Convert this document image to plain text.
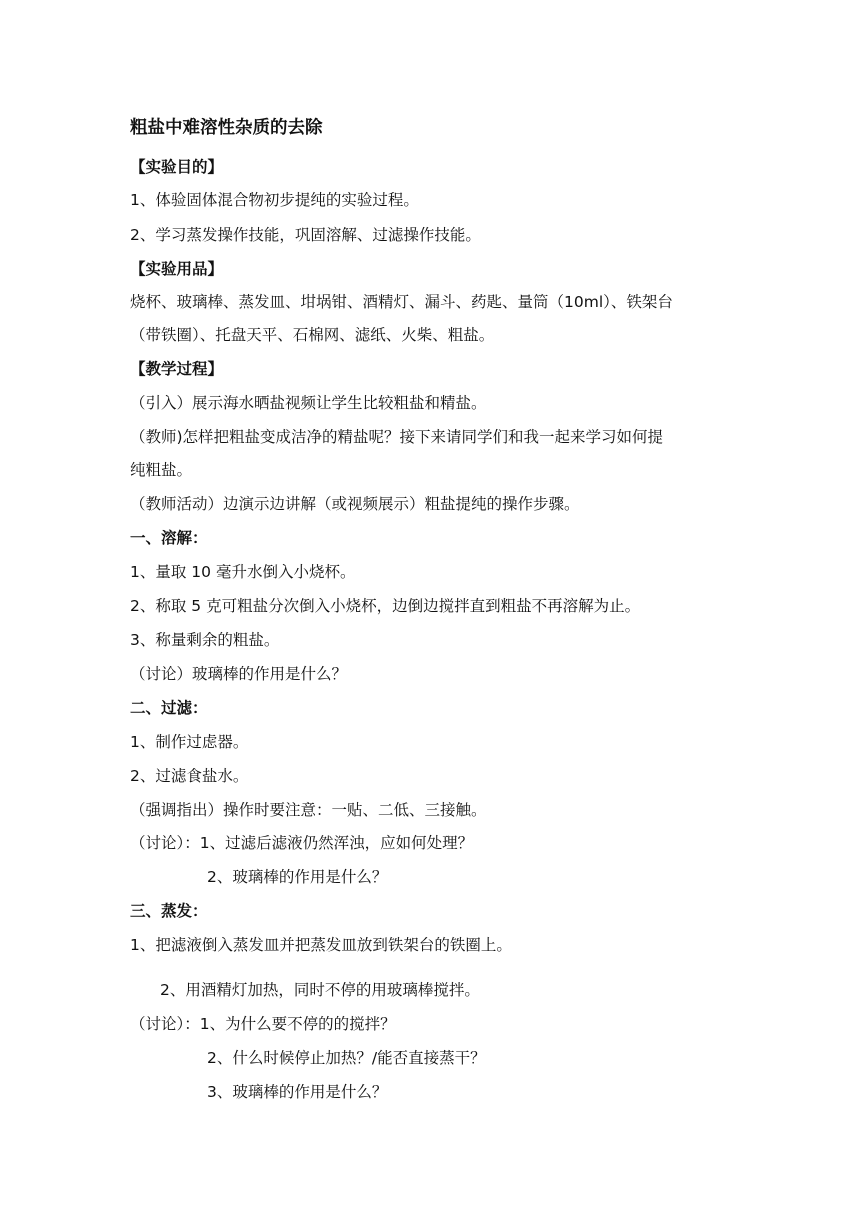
粗盐中难溶性杂质的去除
【实验目的】
1、体验固体混合物初步提纯的实验过程。
2、学习蒸发操作技能，巩固溶解、过滤操作技能。
【实验用品】
烧杯、玻璃棒、蒸发皿、坩埚钳、酒精灯、漏斗、药匙、量筒（10ml）、铁架台
（带铁圈）、托盘天平、石棉网、滤纸、火柴、粗盐。
【教学过程】
（引入）展示海水晒盐视频让学生比较粗盐和精盐。
（教师)怎样把粗盐变成洁净的精盐呢？接下来请同学们和我一起来学习如何提
纯粗盐。
（教师活动）边演示边讲解（或视频展示）粗盐提纯的操作步骤。
一、溶解：
1、量取 10 毫升水倒入小烧杯。
2、称取 5 克可粗盐分次倒入小烧杯，边倒边搅拌直到粗盐不再溶解为止。
3、称量剩余的粗盐。
（讨论）玻璃棒的作用是什么？
二、过滤：
1、制作过虑器。
2、过滤食盐水。
（强调指出）操作时要注意：一贴、二低、三接触。
（讨论）：1、过滤后滤液仍然浑浊，应如何处理？
2、玻璃棒的作用是什么？
三、蒸发：
1、把滤液倒入蒸发皿并把蒸发皿放到铁架台的铁圈上。
2、用酒精灯加热，同时不停的用玻璃棒搅拌。
（讨论）：1、为什么要不停的的搅拌？
2、什么时候停止加热？/能否直接蒸干？
3、玻璃棒的作用是什么？
